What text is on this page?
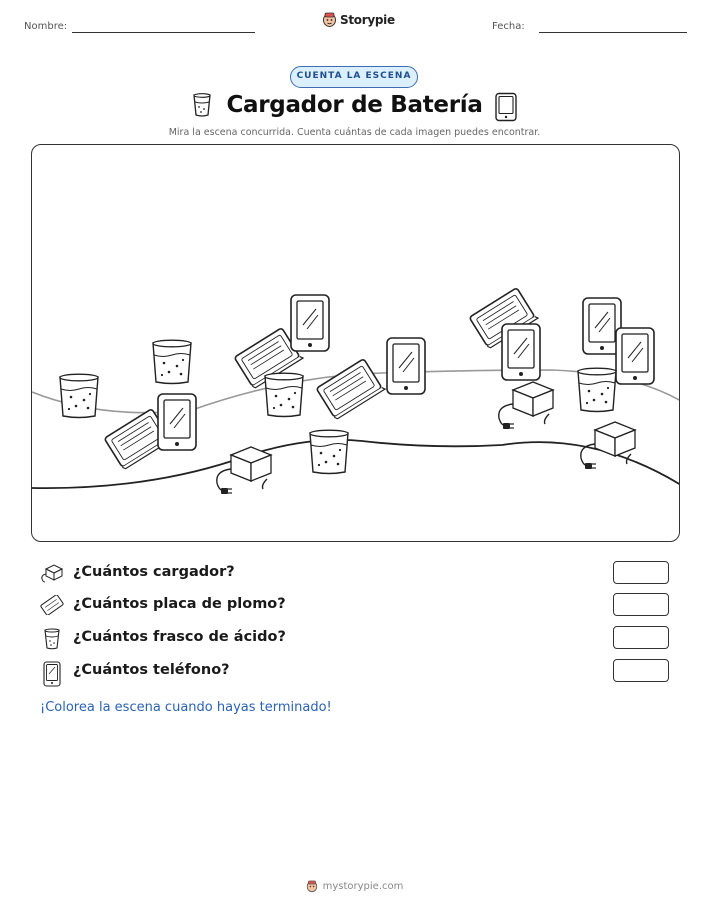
Nombre:	Storypie	Fecha:
CUENTA LA ESCENA
Cargador de Batería
Mira la escena concurrida. Cuenta cuántas de cada imagen puedes encontrar.
¿Cuántos cargador?
¿Cuántos placa de plomo?
¿Cuántos frasco de ácido?
¿Cuántos teléfono?
¡Colorea la escena cuando hayas terminado!
mystorypie.com
